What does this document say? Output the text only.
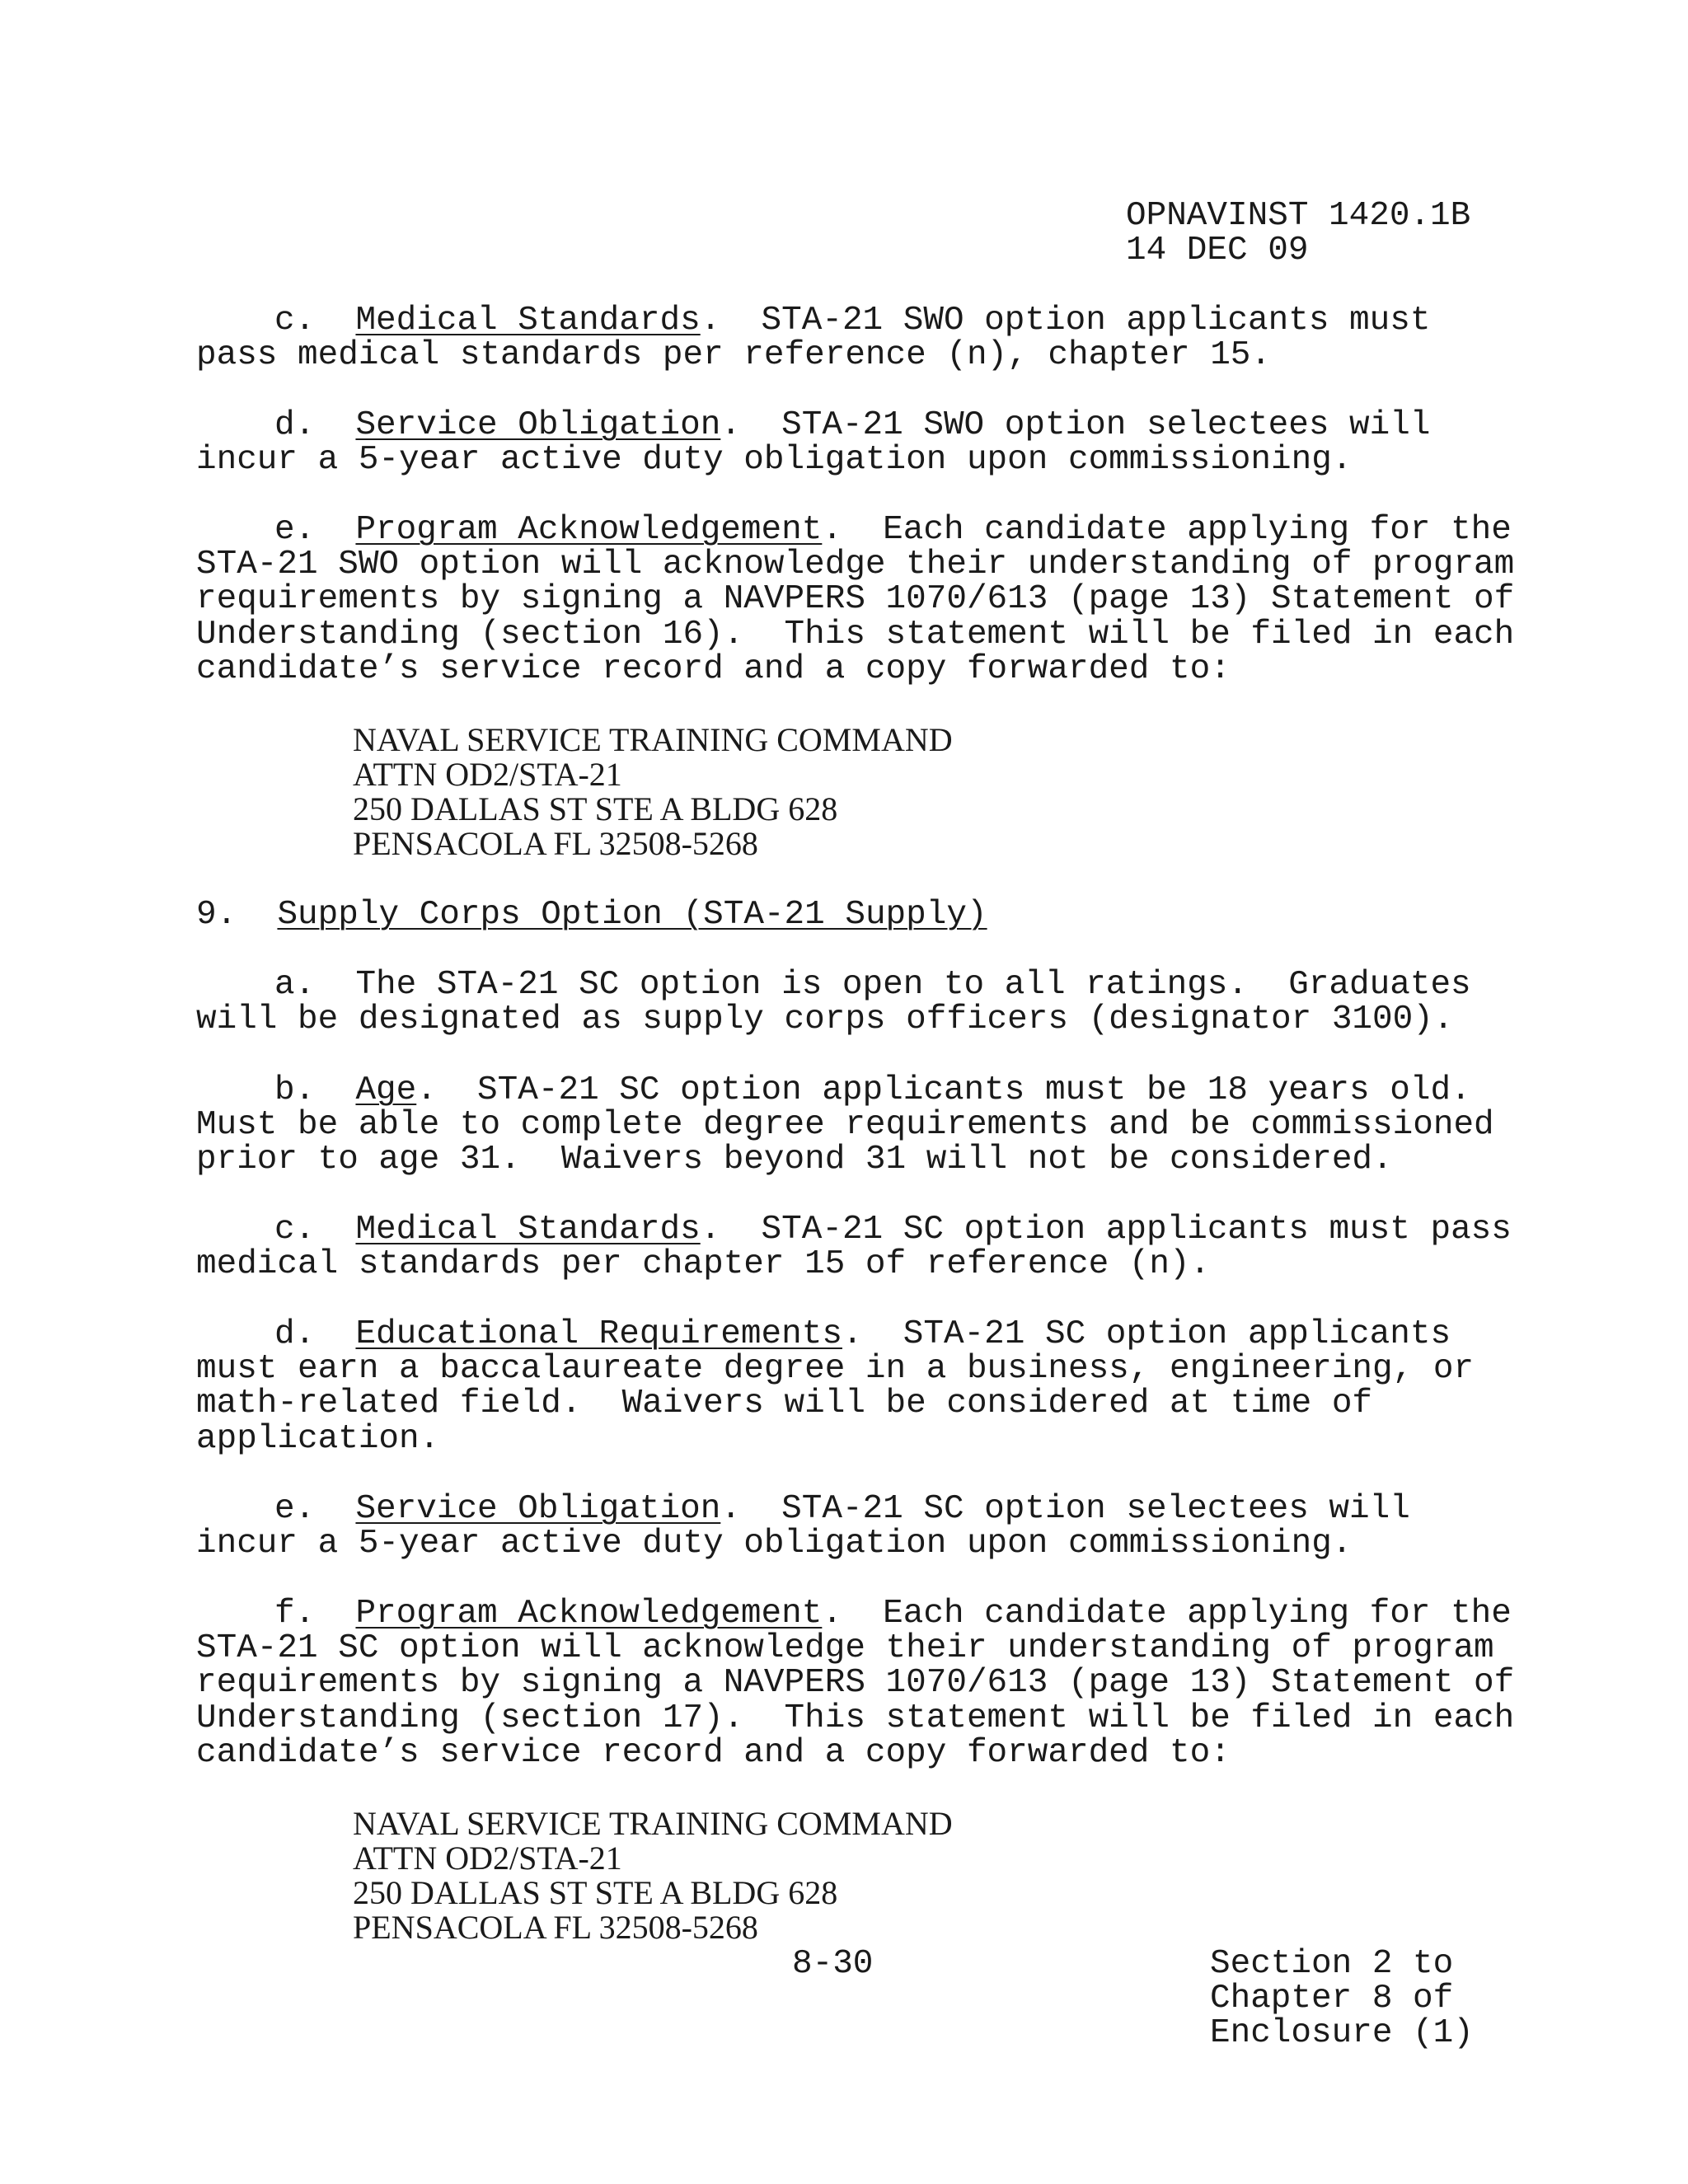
OPNAVINST 1420.1B
14 DEC 09
c. Medical Standards.  STA-21 SWO option applicants must
pass medical standards per reference (n), chapter 15.
d. Service Obligation.  STA-21 SWO option selectees will
incur a 5-year active duty obligation upon commissioning.
e. Program Acknowledgement.  Each candidate applying for the
STA-21 SWO option will acknowledge their understanding of program
requirements by signing a NAVPERS 1070/613 (page 13) Statement of
Understanding (section 16).  This statement will be filed in each
candidate’s service record and a copy forwarded to:
NAVAL SERVICE TRAINING COMMAND
ATTN OD2/STA-21
250 DALLAS ST STE A BLDG 628
PENSACOLA FL 32508-5268
9. Supply Corps Option (STA-21 Supply)
a. The STA-21 SC option is open to all ratings.  Graduates
will be designated as supply corps officers (designator 3100).
b. Age.  STA-21 SC option applicants must be 18 years old.
Must be able to complete degree requirements and be commissioned
prior to age 31.  Waivers beyond 31 will not be considered.
c. Medical Standards.  STA-21 SC option applicants must pass
medical standards per chapter 15 of reference (n).
d. Educational Requirements.  STA-21 SC option applicants
must earn a baccalaureate degree in a business, engineering, or
math-related field.  Waivers will be considered at time of
application.
e. Service Obligation.  STA-21 SC option selectees will
incur a 5-year active duty obligation upon commissioning.
f. Program Acknowledgement.  Each candidate applying for the
STA-21 SC option will acknowledge their understanding of program
requirements by signing a NAVPERS 1070/613 (page 13) Statement of
Understanding (section 17).  This statement will be filed in each
candidate’s service record and a copy forwarded to:
NAVAL SERVICE TRAINING COMMAND
ATTN OD2/STA-21
250 DALLAS ST STE A BLDG 628
PENSACOLA FL 32508-5268
8-30	Section 2 to
Chapter 8 of
Enclosure (1)
